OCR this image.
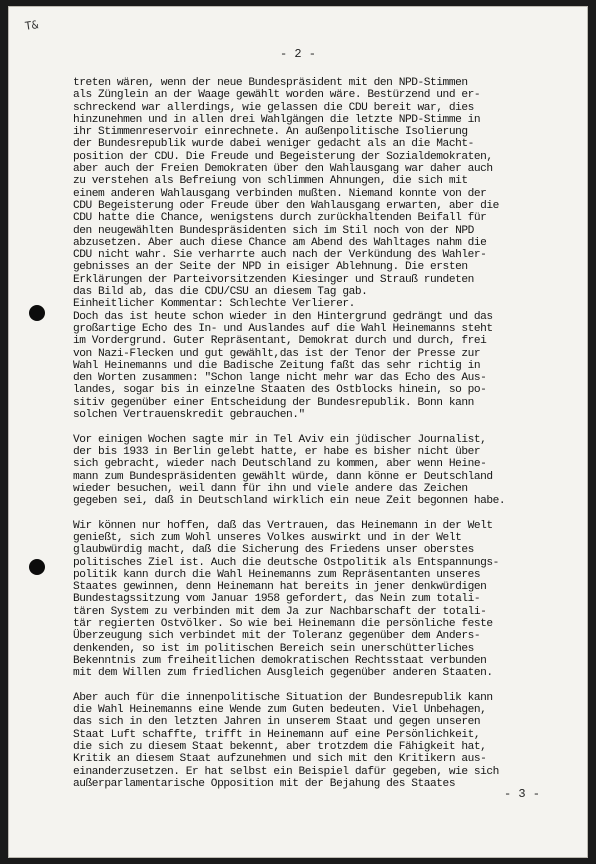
T&
- 2 -
treten wären, wenn der neue Bundespräsident mit den NPD-Stimmen
als Zünglein an der Waage gewählt worden wäre. Bestürzend und er-
schreckend war allerdings, wie gelassen die CDU bereit war, dies
hinzunehmen und in allen drei Wahlgängen die letzte NPD-Stimme in
ihr Stimmenreservoir einrechnete. An außenpolitische Isolierung
der Bundesrepublik wurde dabei weniger gedacht als an die Macht-
position der CDU. Die Freude und Begeisterung der Sozialdemokraten,
aber auch der Freien Demokraten über den Wahlausgang war daher auch
zu verstehen als Befreiung von schlimmen Ahnungen, die sich mit
einem anderen Wahlausgang verbinden mußten. Niemand konnte von der
CDU Begeisterung oder Freude über den Wahlausgang erwarten, aber die
CDU hatte die Chance, wenigstens durch zurückhaltenden Beifall für
den neugewählten Bundespräsidenten sich im Stil noch von der NPD
abzusetzen. Aber auch diese Chance am Abend des Wahltages nahm die
CDU nicht wahr. Sie verharrte auch nach der Verkündung des Wahler-
gebnisses an der Seite der NPD in eisiger Ablehnung. Die ersten
Erklärungen der Parteivorsitzenden Kiesinger und Strauß rundeten
das Bild ab, das die CDU/CSU an diesem Tag gab.
Einheitlicher Kommentar: Schlechte Verlierer.
Doch das ist heute schon wieder in den Hintergrund gedrängt und das
großartige Echo des In- und Auslandes auf die Wahl Heinemanns steht
im Vordergrund. Guter Repräsentant, Demokrat durch und durch, frei
von Nazi-Flecken und gut gewählt,das ist der Tenor der Presse zur
Wahl Heinemanns und die Badische Zeitung faßt das sehr richtig in
den Worten zusammen: "Schon lange nicht mehr war das Echo des Aus-
landes, sogar bis in einzelne Staaten des Ostblocks hinein, so po-
sitiv gegenüber einer Entscheidung der Bundesrepublik. Bonn kann
solchen Vertrauenskredit gebrauchen."
Vor einigen Wochen sagte mir in Tel Aviv ein jüdischer Journalist,
der bis 1933 in Berlin gelebt hatte, er habe es bisher nicht über
sich gebracht, wieder nach Deutschland zu kommen, aber wenn Heine-
mann zum Bundespräsidenten gewählt würde, dann könne er Deutschland
wieder besuchen, weil dann für ihn und viele andere das Zeichen
gegeben sei, daß in Deutschland wirklich ein neue Zeit begonnen habe.
Wir können nur hoffen, daß das Vertrauen, das Heinemann in der Welt
genießt, sich zum Wohl unseres Volkes auswirkt und in der Welt
glaubwürdig macht, daß die Sicherung des Friedens unser oberstes
politisches Ziel ist. Auch die deutsche Ostpolitik als Entspannungs-
politik kann durch die Wahl Heinemanns zum Repräsentanten unseres
Staates gewinnen, denn Heinemann hat bereits in jener denkwürdigen
Bundestagssitzung vom Januar 1958 gefordert, das Nein zum totali-
tären System zu verbinden mit dem Ja zur Nachbarschaft der totali-
tär regierten Ostvölker. So wie bei Heinemann die persönliche feste
Überzeugung sich verbindet mit der Toleranz gegenüber dem Anders-
denkenden, so ist im politischen Bereich sein unerschütterliches
Bekenntnis zum freiheitlichen demokratischen Rechtsstaat verbunden
mit dem Willen zum friedlichen Ausgleich gegenüber anderen Staaten.
Aber auch für die innenpolitische Situation der Bundesrepublik kann
die Wahl Heinemanns eine Wende zum Guten bedeuten. Viel Unbehagen,
das sich in den letzten Jahren in unserem Staat und gegen unseren
Staat Luft schaffte, trifft in Heinemann auf eine Persönlichkeit,
die sich zu diesem Staat bekennt, aber trotzdem die Fähigkeit hat,
Kritik an diesem Staat aufzunehmen und sich mit den Kritikern aus-
einanderzusetzen. Er hat selbst ein Beispiel dafür gegeben, wie sich
außerparlamentarische Opposition mit der Bejahung des Staates
- 3 -
